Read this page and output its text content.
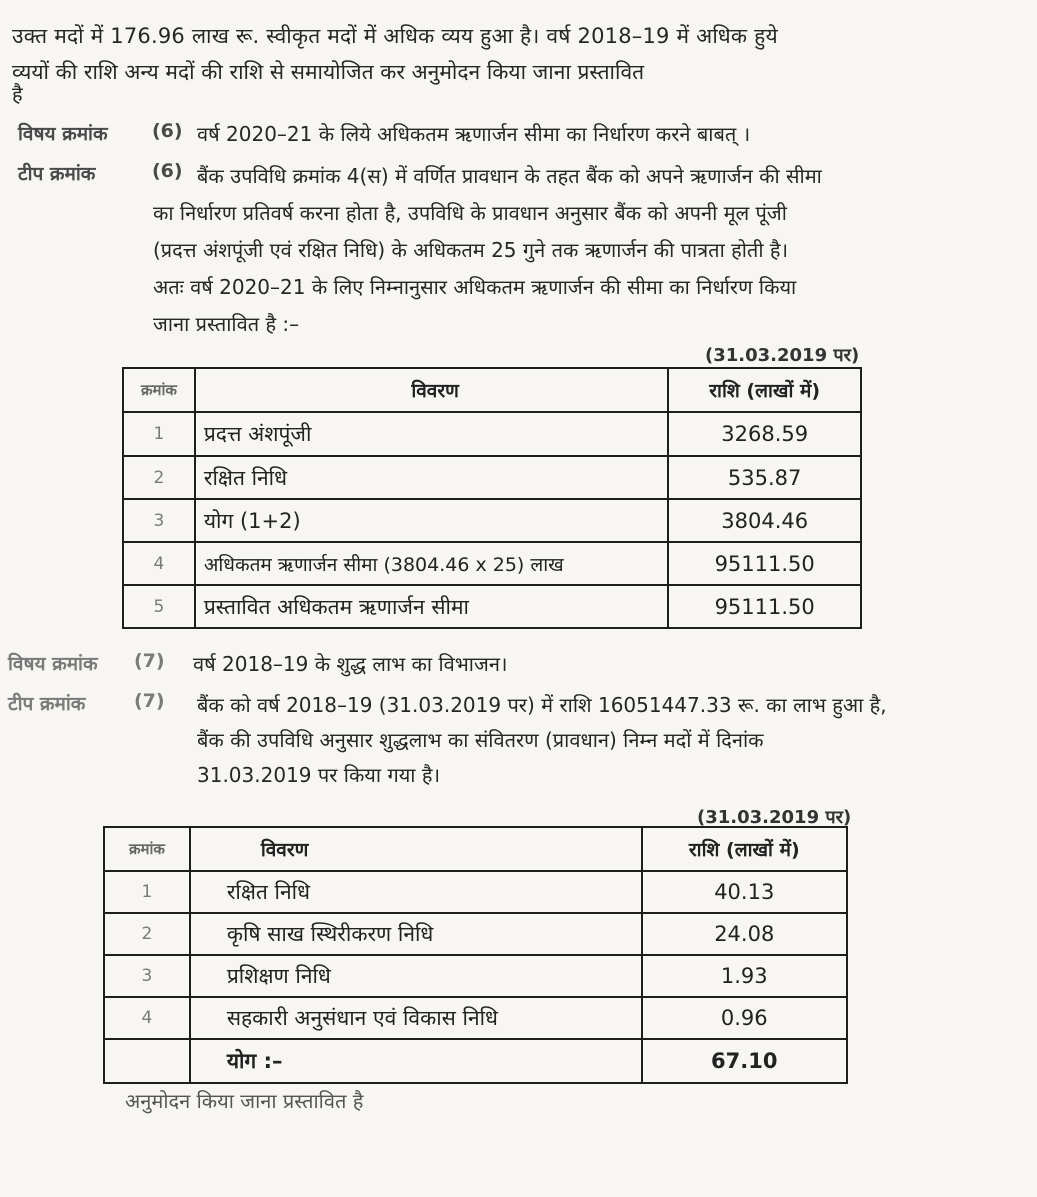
उक्त मदों में 176.96 लाख रू. स्वीकृत मदों में अधिक व्यय हुआ है। वर्ष 2018–19 में अधिक हुये
व्ययों की राशि अन्य मदों की राशि से समायोजित कर अनुमोदन किया जाना प्रस्तावित
है
विषय क्रमांक (6) वर्ष 2020–21 के लिये अधिकतम ऋणार्जन सीमा का निर्धारण करने बाबत् ।
टीप क्रमांक	(6) बैंक उपविधि क्रमांक 4(स) में वर्णित प्रावधान के तहत बैंक को अपने ऋणार्जन की सीमा

का निर्धारण प्रतिवर्ष करना होता है, उपविधि के प्रावधान अनुसार बैंक को अपनी मूल पूंजी

(प्रदत्त अंशपूंजी एवं रक्षित निधि) के अधिकतम 25 गुने तक ऋणार्जन की पात्रता होती है।

अतः वर्ष 2020–21 के लिए निम्नानुसार अधिकतम ऋणार्जन की सीमा का निर्धारण किया

जाना प्रस्तावित है :–

(31.03.2019 पर)
क्रमांक	विवरण	राशि (लाखों में)
1	प्रदत्त अंशपूंजी	3268.59
2	रक्षित निधि	535.87
3	योग (1+2)	3804.46
4	अधिकतम ऋणार्जन सीमा (3804.46 x 25) लाख	95111.50
5	प्रस्तावित अधिकतम ऋणार्जन सीमा	95111.50
विषय क्रमांक (7) वर्ष 2018–19 के शुद्ध लाभ का विभाजन।
टीप क्रमांक	(7) बैंक को वर्ष 2018–19 (31.03.2019 पर) में राशि 16051447.33 रू. का लाभ हुआ है,

बैंक की उपविधि अनुसार शुद्धलाभ का संवितरण (प्रावधान) निम्न मदों में दिनांक

31.03.2019 पर किया गया है।

(31.03.2019 पर)
क्रमांक	विवरण	राशि (लाखों में)
1	रक्षित निधि	40.13
2	कृषि साख स्थिरीकरण निधि	24.08
3	प्रशिक्षण निधि	1.93
4	सहकारी अनुसंधान एवं विकास निधि	0.96
	योग :–	67.10
अनुमोदन किया जाना प्रस्तावित है
